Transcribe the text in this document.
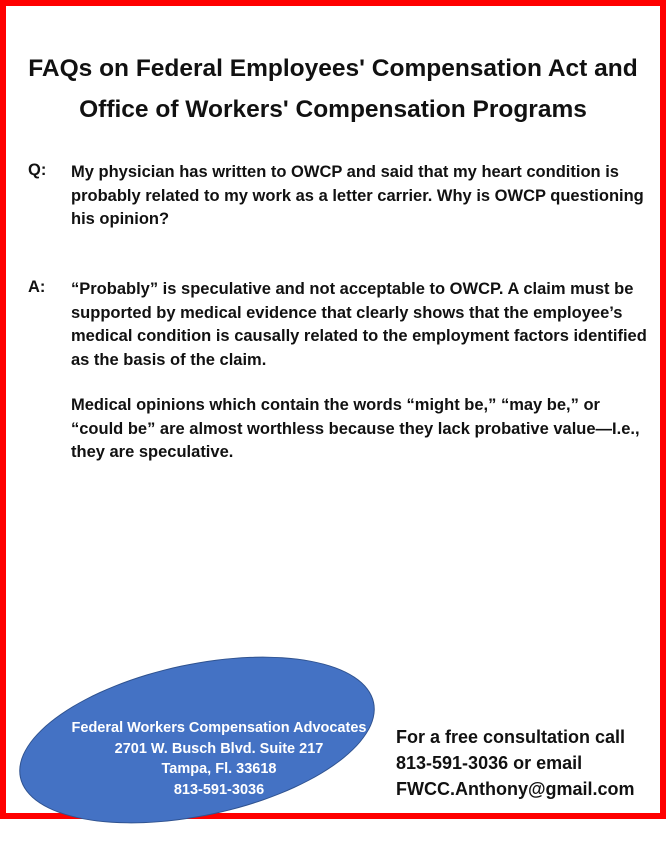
FAQs on Federal Employees' Compensation Act and
Office of Workers' Compensation Programs
Q: My physician has written to OWCP and said that my heart condition is probably related to my work as a letter carrier. Why is OWCP questioning his opinion?
A: “Probably” is speculative and not acceptable to OWCP. A claim must be supported by medical evidence that clearly shows that the employee’s medical condition is causally related to the employment factors identified as the basis of the claim.
Medical opinions which contain the words “might be,” “may be,” or “could be” are almost worthless because they lack probative value—I.e., they are speculative.
Federal Workers Compensation Advocates
2701 W. Busch Blvd. Suite 217
Tampa, Fl. 33618
813-591-3036
For a free consultation call
813-591-3036 or email
FWCC.Anthony@gmail.com
